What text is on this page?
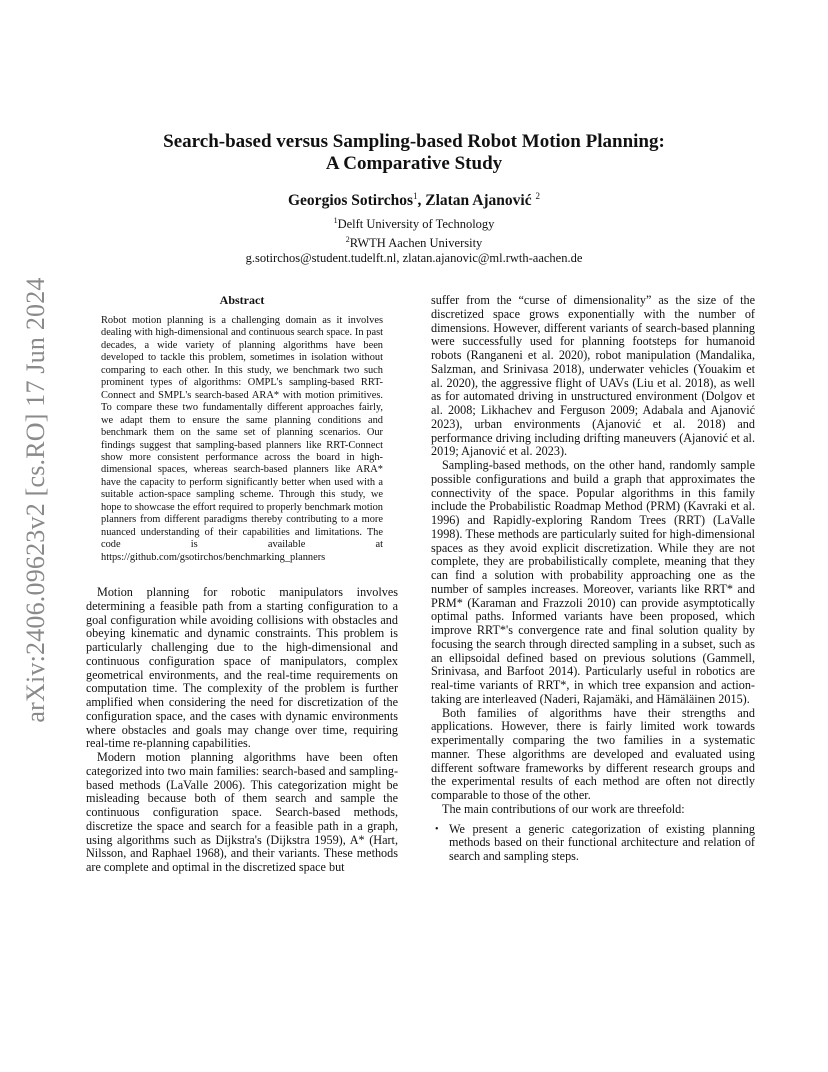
arXiv:2406.09623v2 [cs.RO] 17 Jun 2024
Search-based versus Sampling-based Robot Motion Planning:
A Comparative Study
Georgios Sotirchos$^1$, Zlatan Ajanović $^2$
$^1$Delft University of Technology
$^2$RWTH Aachen University
g.sotirchos@student.tudelft.nl, zlatan.ajanovic@ml.rwth-aachen.de
Abstract

Robot motion planning is a challenging domain as it involves dealing with high-dimensional and continuous search space. In past decades, a wide variety of planning algorithms have been developed to tackle this problem, sometimes in isolation without comparing to each other. In this study, we benchmark two such prominent types of algorithms: OMPL's sampling-based RRT-Connect and SMPL's search-based ARA* with motion primitives. To compare these two fundamentally different approaches fairly, we adapt them to ensure the same planning conditions and benchmark them on the same set of planning scenarios. Our findings suggest that sampling-based planners like RRT-Connect show more consistent performance across the board in high-dimensional spaces, whereas search-based planners like ARA* have the capacity to perform significantly better when used with a suitable action-space sampling scheme. Through this study, we hope to showcase the effort required to properly benchmark motion planners from different paradigms thereby contributing to a more nuanced understanding of their capabilities and limitations. The code is available at https://github.com/gsotirchos/benchmarking_planners

Motion planning for robotic manipulators involves determining a feasible path from a starting configuration to a goal configuration while avoiding collisions with obstacles and obeying kinematic and dynamic constraints. This problem is particularly challenging due to the high-dimensional and continuous configuration space of manipulators, complex geometrical environments, and the real-time requirements on computation time. The complexity of the problem is further amplified when considering the need for discretization of the configuration space, and the cases with dynamic environments where obstacles and goals may change over time, requiring real-time re-planning capabilities.

Modern motion planning algorithms have been often categorized into two main families: search-based and sampling-based methods (LaValle 2006). This categorization might be misleading because both of them search and sample the continuous configuration space. Search-based methods, discretize the space and search for a feasible path in a graph, using algorithms such as Dijkstra's (Dijkstra 1959), A* (Hart, Nilsson, and Raphael 1968), and their variants. These methods are complete and optimal in the discretized space but

suffer from the “curse of dimensionality” as the size of the discretized space grows exponentially with the number of dimensions. However, different variants of search-based planning were successfully used for planning footsteps for humanoid robots (Ranganeni et al. 2020), robot manipulation (Mandalika, Salzman, and Srinivasa 2018), underwater vehicles (Youakim et al. 2020), the aggressive flight of UAVs (Liu et al. 2018), as well as for automated driving in unstructured environment (Dolgov et al. 2008; Likhachev and Ferguson 2009; Adabala and Ajanović 2023), urban environments (Ajanović et al. 2018) and performance driving including drifting maneuvers (Ajanović et al. 2019; Ajanović et al. 2023).

Sampling-based methods, on the other hand, randomly sample possible configurations and build a graph that approximates the connectivity of the space. Popular algorithms in this family include the Probabilistic Roadmap Method (PRM) (Kavraki et al. 1996) and Rapidly-exploring Random Trees (RRT) (LaValle 1998). These methods are particularly suited for high-dimensional spaces as they avoid explicit discretization. While they are not complete, they are probabilistically complete, meaning that they can find a solution with probability approaching one as the number of samples increases. Moreover, variants like RRT* and PRM* (Karaman and Frazzoli 2010) can provide asymptotically optimal paths. Informed variants have been proposed, which improve RRT*'s convergence rate and final solution quality by focusing the search through directed sampling in a subset, such as an ellipsoidal defined based on previous solutions (Gammell, Srinivasa, and Barfoot 2014). Particularly useful in robotics are real-time variants of RRT*, in which tree expansion and action-taking are interleaved (Naderi, Rajamäki, and Hämäläinen 2015).

Both families of algorithms have their strengths and applications. However, there is fairly limited work towards experimentally comparing the two families in a systematic manner. These algorithms are developed and evaluated using different software frameworks by different research groups and the experimental results of each method are often not directly comparable to those of the other.

The main contributions of our work are threefold:

• We present a generic categorization of existing planning methods based on their functional architecture and relation of search and sampling steps.
